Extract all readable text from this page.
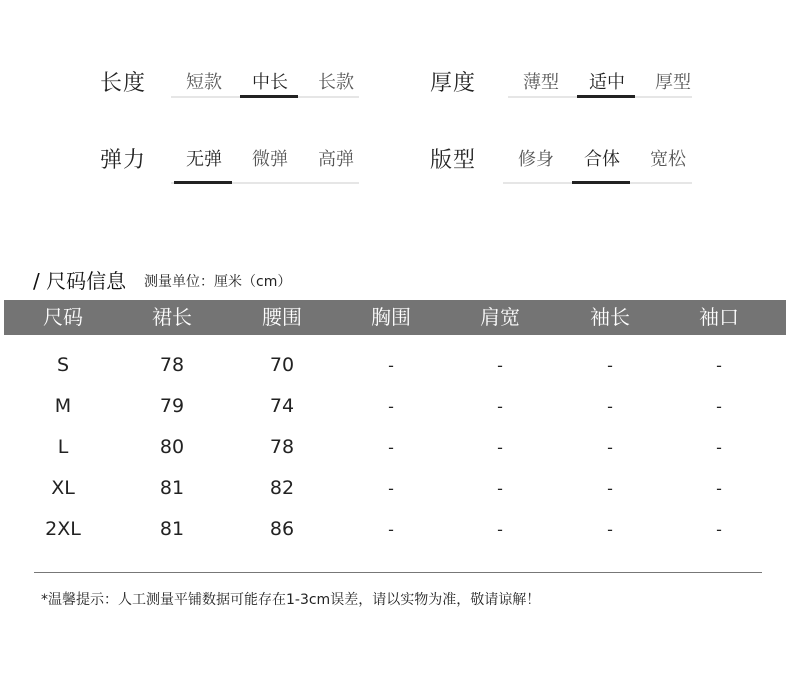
长度	短款	中长	长款	厚度	薄型	适中	厚型
弹力	无弹	微弹	高弹	版型	修身	合体	宽松
/ 尺码信息 测量单位：厘米（cm）
尺码	裙长	腰围	胸围	肩宽	袖长	袖口
S	78	70	-	-	-	-
M	79	74	-	-	-	-
L	80	78	-	-	-	-
XL	81	82	-	-	-	-
2XL	81	86	-	-	-	-
*温馨提示：人工测量平铺数据可能存在1-3cm误差，请以实物为准，敬请谅解！
